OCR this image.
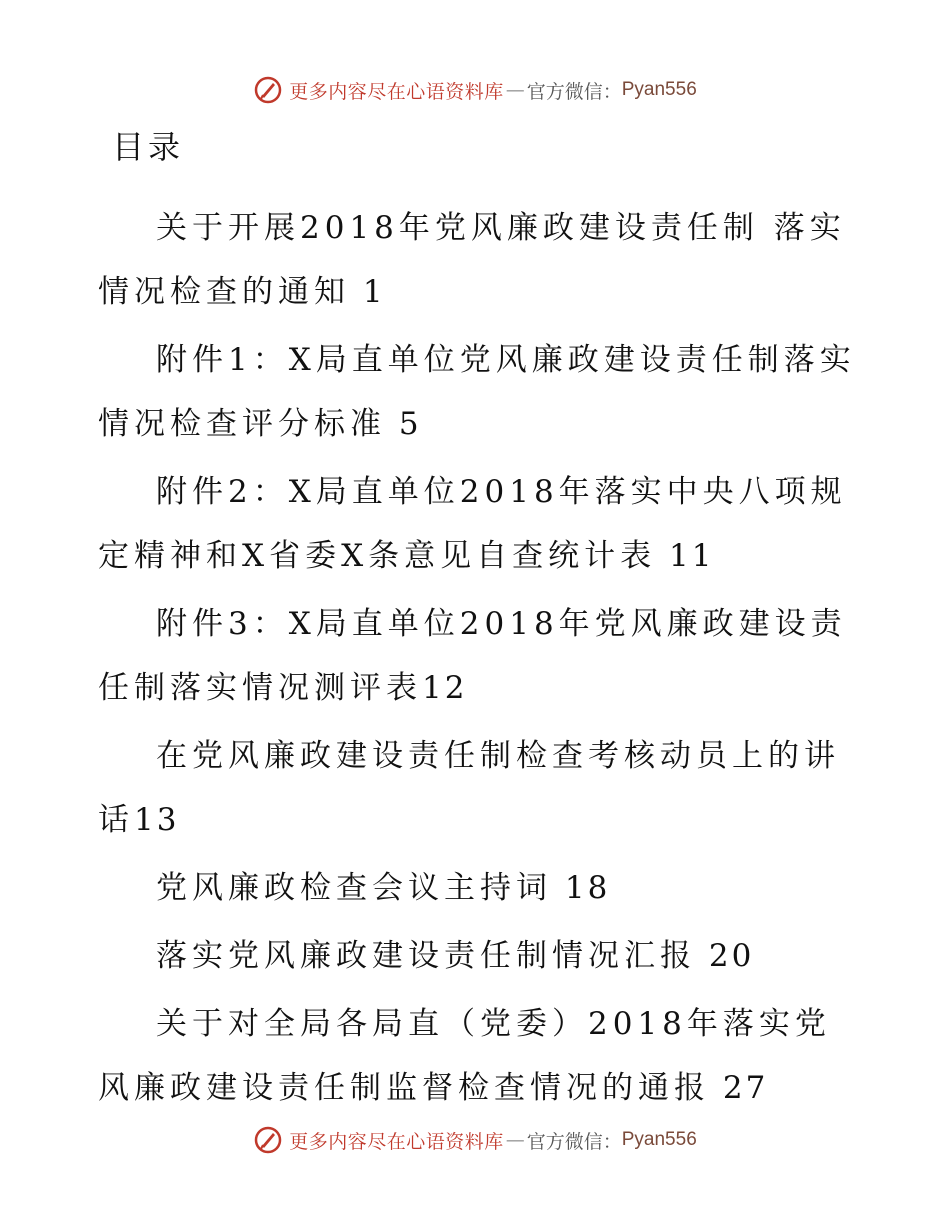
更多内容尽在心语资料库 — 官方微信： Pyan556
目录

关于开展2018年党风廉政建设责任制 落实情况检查的通知 1

附件1：X局直单位党风廉政建设责任制落实情况检查评分标准 5

附件2：X局直单位2018年落实中央八项规定精神和X省委X条意见自查统计表 11

附件3：X局直单位2018年党风廉政建设责任制落实情况测评表12

在党风廉政建设责任制检查考核动员上的讲话13

党风廉政检查会议主持词 18

落实党风廉政建设责任制情况汇报 20

关于对全局各局直（党委）2018年落实党风廉政建设责任制监督检查情况的通报 27

更多内容尽在心语资料库 — 官方微信： Pyan556
